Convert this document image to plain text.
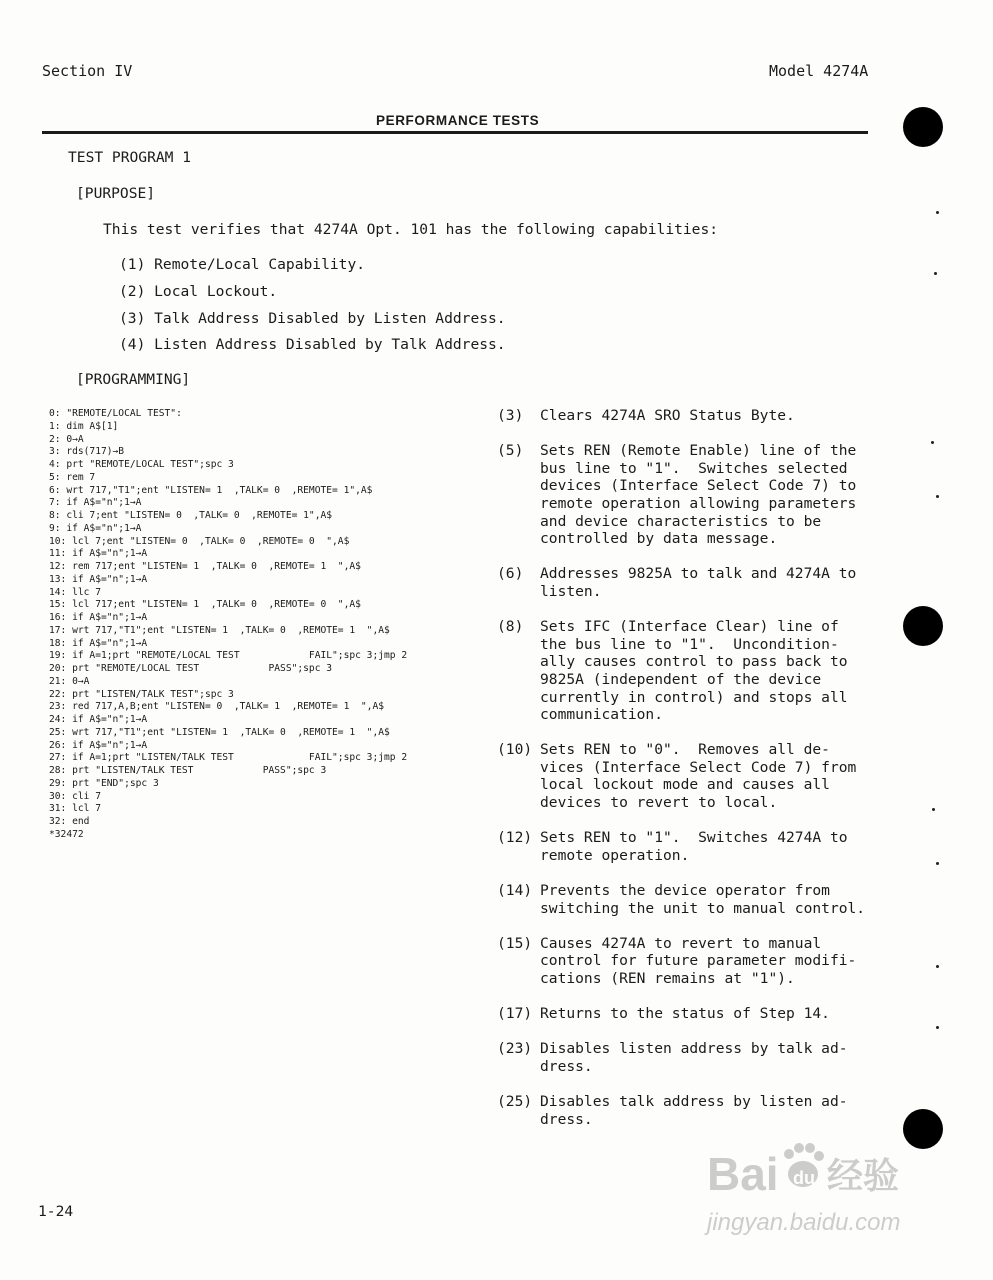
Section IV	Model 4274A
PERFORMANCE TESTS
TEST PROGRAM 1
[PURPOSE]
This test verifies that 4274A Opt. 101 has the following capabilities:
(1) Remote/Local Capability.
(2) Local Lockout.
(3) Talk Address Disabled by Listen Address.
(4) Listen Address Disabled by Talk Address.
[PROGRAMMING]
0: "REMOTE/LOCAL TEST":
1: dim A$[1]
2: 0→A
3: rds(717)→B
4: prt "REMOTE/LOCAL TEST";spc 3
5: rem 7
6: wrt 717,"T1";ent "LISTEN= 1  ,TALK= 0  ,REMOTE= 1",A$
7: if A$="n";1→A
8: cli 7;ent "LISTEN= 0  ,TALK= 0  ,REMOTE= 1",A$
9: if A$="n";1→A
10: lcl 7;ent "LISTEN= 0  ,TALK= 0  ,REMOTE= 0  ",A$
11: if A$="n";1→A
12: rem 717;ent "LISTEN= 1  ,TALK= 0  ,REMOTE= 1  ",A$
13: if A$="n";1→A
14: llc 7
15: lcl 717;ent "LISTEN= 1  ,TALK= 0  ,REMOTE= 0  ",A$
16: if A$="n";1→A
17: wrt 717,"T1";ent "LISTEN= 1  ,TALK= 0  ,REMOTE= 1  ",A$
18: if A$="n";1→A
19: if A=1;prt "REMOTE/LOCAL TEST            FAIL";spc 3;jmp 2
20: prt "REMOTE/LOCAL TEST            PASS";spc 3
21: 0→A
22: prt "LISTEN/TALK TEST";spc 3
23: red 717,A,B;ent "LISTEN= 0  ,TALK= 1  ,REMOTE= 1  ",A$
24: if A$="n";1→A
25: wrt 717,"T1";ent "LISTEN= 1  ,TALK= 0  ,REMOTE= 1  ",A$
26: if A$="n";1→A
27: if A=1;prt "LISTEN/TALK TEST             FAIL";spc 3;jmp 2
28: prt "LISTEN/TALK TEST            PASS";spc 3
29: prt "END";spc 3
30: cli 7
31: lcl 7
32: end
*32472
(3)	Clears 4274A SRO Status Byte.
(5)	Sets REN (Remote Enable) line of the
bus line to "1".  Switches selected
devices (Interface Select Code 7) to
remote operation allowing parameters
and device characteristics to be
controlled by data message.
(6)	Addresses 9825A to talk and 4274A to
listen.
(8)	Sets IFC (Interface Clear) line of
the bus line to "1".  Uncondition-
ally causes control to pass back to
9825A (independent of the device
currently in control) and stops all
communication.
(10) Sets REN to "0".  Removes all de-
vices (Interface Select Code 7) from
local lockout mode and causes all
devices to revert to local.
(12) Sets REN to "1".  Switches 4274A to
remote operation.
(14) Prevents the device operator from
switching the unit to manual control.
(15) Causes 4274A to revert to manual
control for future parameter modifi-
cations (REN remains at "1").
(17) Returns to the status of Step 14.
(23) Disables listen address by talk ad-
dress.
(25) Disables talk address by listen ad-
dress.
1-24
Bai du 经验
jingyan.baidu.com
